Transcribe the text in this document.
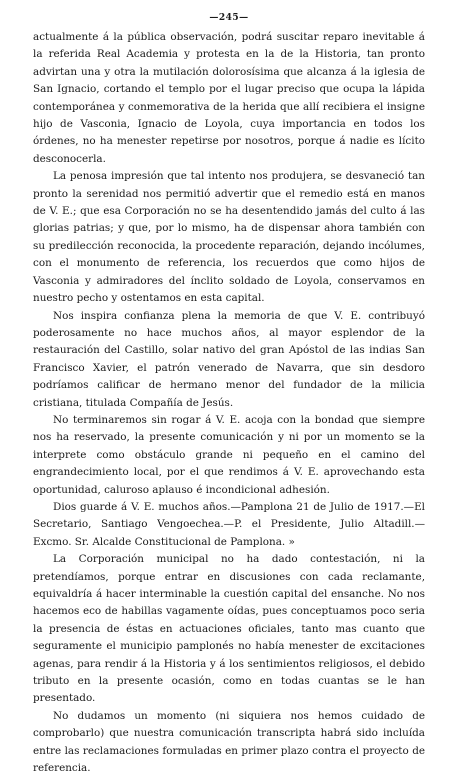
—245—

actualmente á la pública observación, podrá suscitar reparo inevitable á la referida Real Academia y protesta en la de la Historia, tan pronto advirtan una y otra la mutilación dolorosísima que alcanza á la iglesia de San Ignacio, cortando el templo por el lugar preciso que ocupa la lápida contemporánea y conmemorativa de la herida que allí recibiera el insigne hijo de Vasconia, Ignacio de Loyola, cuya importancia en todos los órdenes, no ha menester repetirse por nosotros, porque á nadie es lícito desconocerla.

La penosa impresión que tal intento nos produjera, se desvaneció tan pronto la serenidad nos permitió advertir que el remedio está en manos de V. E.; que esa Corporación no se ha desentendido jamás del culto á las glorias patrias; y que, por lo mismo, ha de dispensar ahora también con su predilección reconocida, la procedente reparación, dejando incólumes, con el monumento de referencia, los recuerdos que como hijos de Vasconia y admiradores del ínclito soldado de Loyola, conservamos en nuestro pecho y ostentamos en esta capital.

Nos inspira confianza plena la memoria de que V. E. contribuyó poderosamente no hace muchos años, al mayor esplendor de la restauración del Castillo, solar nativo del gran Apóstol de las indias San Francisco Xavier, el patrón venerado de Navarra, que sin desdoro podríamos calificar de hermano menor del fundador de la milicia cristiana, titulada Compañía de Jesús.

No terminaremos sin rogar á V. E. acoja con la bondad que siempre nos ha reservado, la presente comunicación y ni por un momento se la interprete como obstáculo grande ni pequeño en el camino del engrandecimiento local, por el que rendimos á V. E. aprovechando esta oportunidad, caluroso aplauso é incondicional adhesión.

Dios guarde á V. E. muchos años.—Pamplona 21 de Julio de 1917.—El Secretario, Santiago Vengoechea.—P. el Presidente, Julio Altadill.—Excmo. Sr. Alcalde Constitucional de Pamplona. »

La Corporación municipal no ha dado contestación, ni la pretendíamos, porque entrar en discusiones con cada reclamante, equivaldría á hacer interminable la cuestión capital del ensanche. No nos hacemos eco de habillas vagamente oídas, pues conceptuamos poco seria la presencia de éstas en actuaciones oficiales, tanto mas cuanto que seguramente el municipio pamplonés no había menester de excitaciones agenas, para rendir á la Historia y á los sentimientos religiosos, el debido tributo en la presente ocasión, como en todas cuantas se le han presentado.

No dudamos un momento (ni siquiera nos hemos cuidado de comprobarlo) que nuestra comunicación transcripta habrá sido incluída entre las reclamaciones formuladas en primer plazo contra el proyecto de referencia.
